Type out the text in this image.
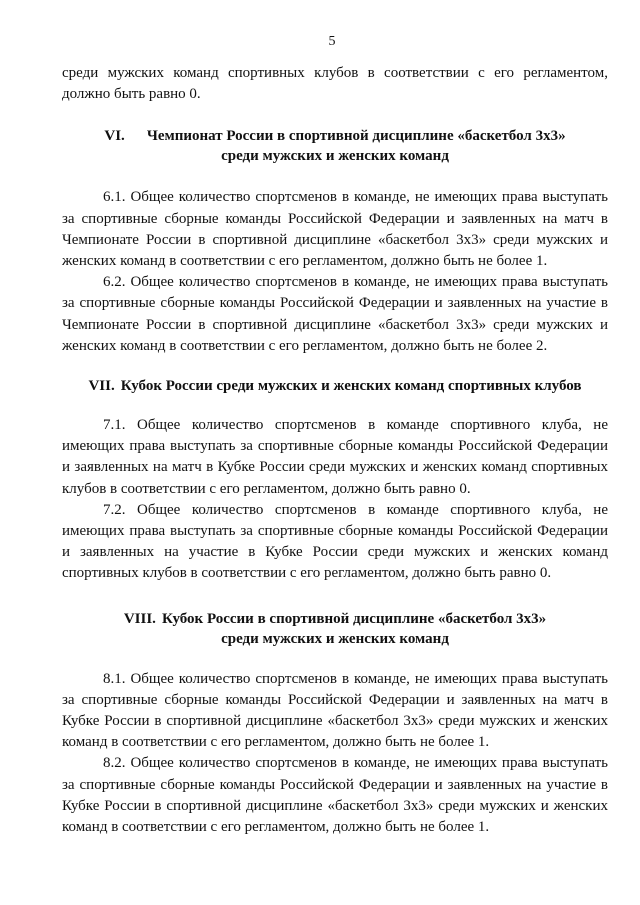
5

среди мужских команд спортивных клубов в соответствии с его регламентом, должно быть равно 0.

VI. Чемпионат России в спортивной дисциплине «баскетбол 3х3»
среди мужских и женских команд

6.1. Общее количество спортсменов в команде, не имеющих права выступать за спортивные сборные команды Российской Федерации и заявленных на матч в Чемпионате России в спортивной дисциплине «баскетбол 3х3» среди мужских и женских команд в соответствии с его регламентом, должно быть не более 1.

6.2. Общее количество спортсменов в команде, не имеющих права выступать за спортивные сборные команды Российской Федерации и заявленных на участие в Чемпионате России в спортивной дисциплине «баскетбол 3х3» среди мужских и женских команд в соответствии с его регламентом, должно быть не более 2.

VII. Кубок России среди мужских и женских команд спортивных клубов

7.1. Общее количество спортсменов в команде спортивного клуба, не имеющих права выступать за спортивные сборные команды Российской Федерации и заявленных на матч в Кубке России среди мужских и женских команд спортивных клубов в соответствии с его регламентом, должно быть равно 0.

7.2. Общее количество спортсменов в команде спортивного клуба, не имеющих права выступать за спортивные сборные команды Российской Федерации и заявленных на участие в Кубке России среди мужских и женских команд спортивных клубов в соответствии с его регламентом, должно быть равно 0.

VIII. Кубок России в спортивной дисциплине «баскетбол 3х3»
среди мужских и женских команд

8.1. Общее количество спортсменов в команде, не имеющих права выступать за спортивные сборные команды Российской Федерации и заявленных на матч в Кубке России в спортивной дисциплине «баскетбол 3х3» среди мужских и женских команд в соответствии с его регламентом, должно быть не более 1.

8.2. Общее количество спортсменов в команде, не имеющих права выступать за спортивные сборные команды Российской Федерации и заявленных на участие в Кубке России в спортивной дисциплине «баскетбол 3х3» среди мужских и женских команд в соответствии с его регламентом, должно быть не более 1.
